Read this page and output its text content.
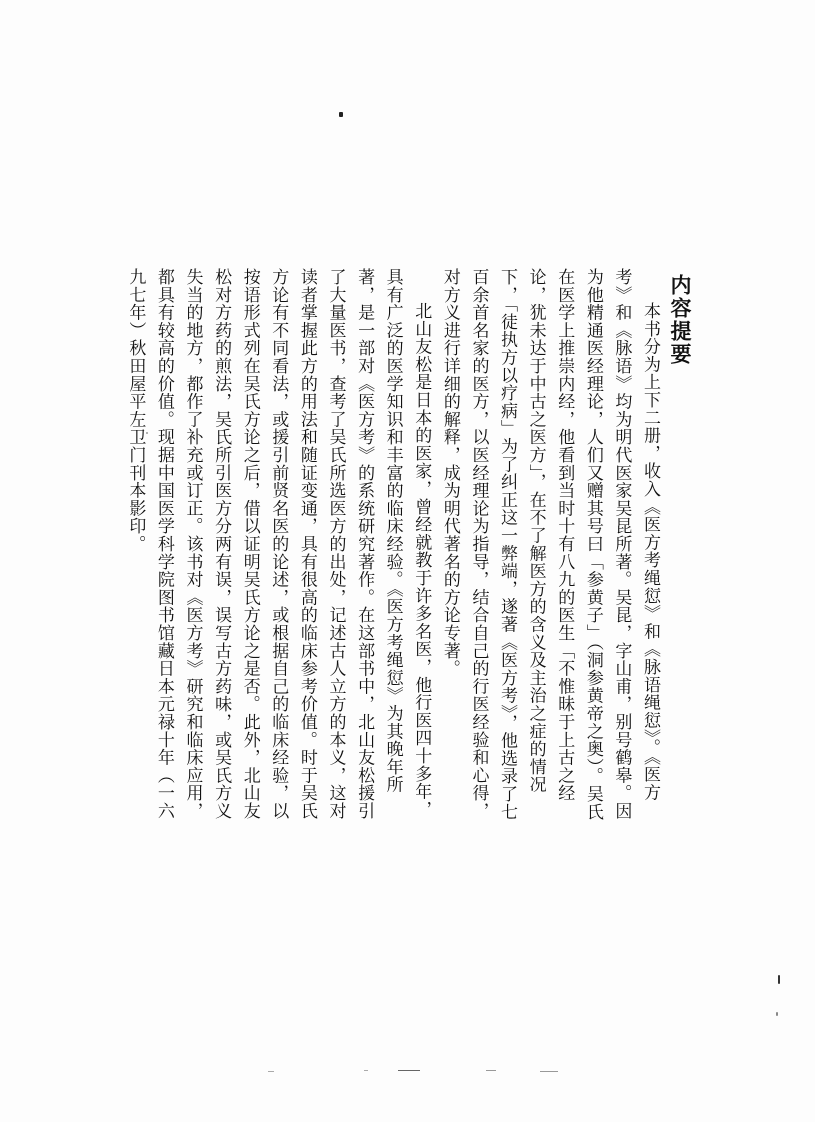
内容提要
本书分为上下二册，收入《医方考绳愆》和《脉语绳愆》。《医方考》和《脉语》均为明代医家吴昆所著。吴昆，字山甫，别号鹤皋。因为他精通医经理论，人们又赠其号曰「参黄子」（洞参黄帝之奥）。吴氏在医学上推崇内经，他看到当时十有八九的医生「不惟昧于上古之经论，犹未达于中古之医方」，在不了解医方的含义及主治之症的情况下，「徒执方以疗病」为了纠正这一弊端，遂著《医方考》，他选录了七百余首名家的医方，以医经理论为指导，结合自己的行医经验和心得，对方义进行详细的解释，成为明代著名的方论专著。
北山友松是日本的医家，曾经就教于许多名医，他行医四十多年，具有广泛的医学知识和丰富的临床经验。《医方考绳愆》为其晚年所著，是一部对《医方考》的系统研究著作。在这部书中，北山友松援引了大量医书，查考了吴氏所选医方的出处，记述古人立方的本义，这对读者掌握此方的用法和随证变通，具有很高的临床参考价值。时于吴氏方论有不同看法，或援引前贤名医的论述，或根据自己的临床经验，以按语形式列在吴氏方论之后，借以证明吴氏方论之是否。此外，北山友松对方药的煎法，吴氏所引医方分两有误，误写古方药味，或吴氏方义失当的地方，都作了补充或订正。该书对《医方考》研究和临床应用，都具有较高的价值。现据中国医学科学院图书馆藏日本元禄十年（一六九七年）秋田屋平左卫门刊本影印。
